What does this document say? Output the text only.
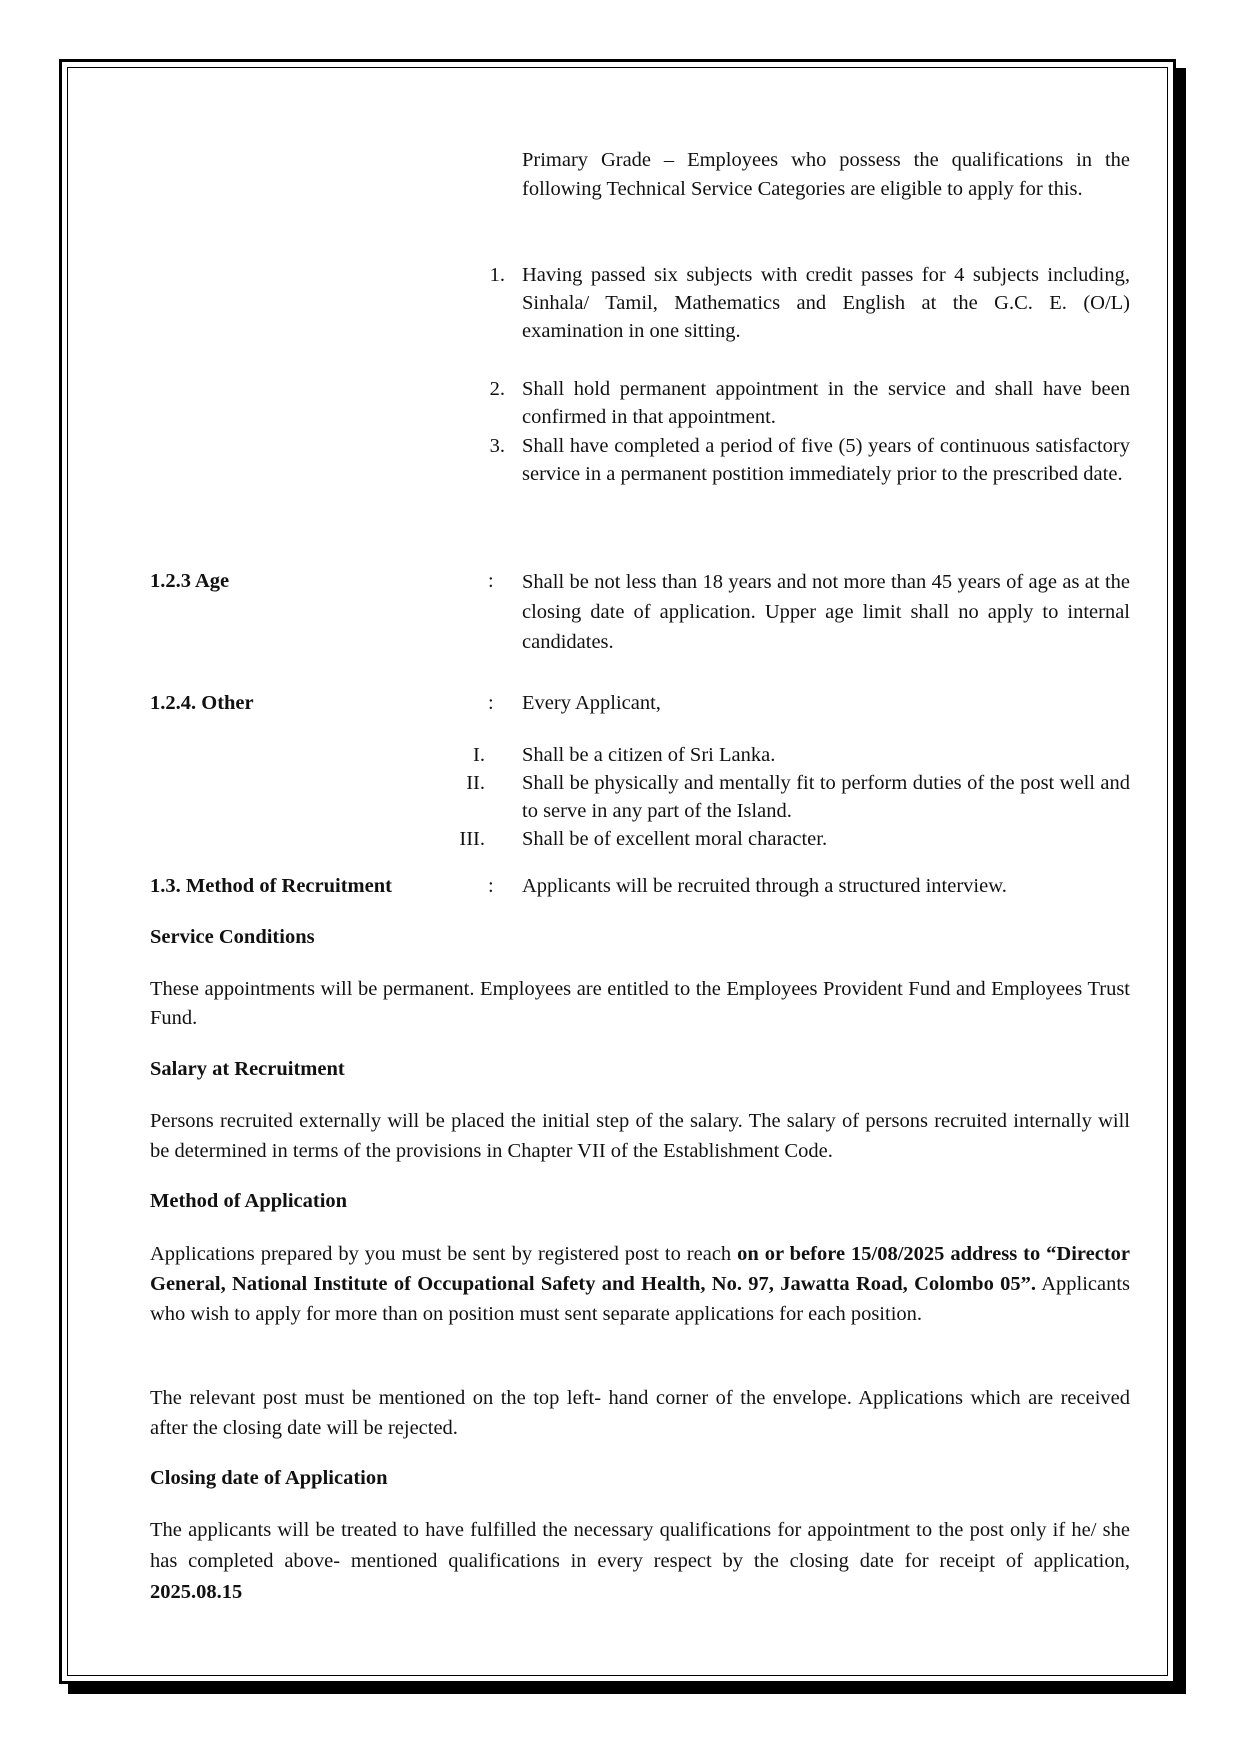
Primary Grade – Employees who possess the qualifications in the following Technical Service Categories are eligible to apply for this.
1. Having passed six subjects with credit passes for 4 subjects including, Sinhala/ Tamil, Mathematics and English at the G.C. E. (O/L) examination in one sitting.
2. Shall hold permanent appointment in the service and shall have been confirmed in that appointment.
3. Shall have completed a period of five (5) years of continuous satisfactory service in a permanent postition immediately prior to the prescribed date.
1.2.3 Age	: Shall be not less than 18 years and not more than 45 years of age as at the closing date of application. Upper age limit shall no apply to internal candidates.
1.2.4. Other	: Every Applicant,
I. Shall be a citizen of Sri Lanka.
II. Shall be physically and mentally fit to perform duties of the post well and to serve in any part of the Island.
III. Shall be of excellent moral character.
1.3. Method of Recruitment	: Applicants will be recruited through a structured interview.
Service Conditions
These appointments will be permanent. Employees are entitled to the Employees Provident Fund and Employees Trust Fund.
Salary at Recruitment
Persons recruited externally will be placed the initial step of the salary. The salary of persons recruited internally will be determined in terms of the provisions in Chapter VII of the Establishment Code.
Method of Application
Applications prepared by you must be sent by registered post to reach on or before 15/08/2025 address to “Director General, National Institute of Occupational Safety and Health, No. 97, Jawatta Road, Colombo 05”. Applicants who wish to apply for more than on position must sent separate applications for each position.
The relevant post must be mentioned on the top left- hand corner of the envelope. Applications which are received after the closing date will be rejected.
Closing date of Application
The applicants will be treated to have fulfilled the necessary qualifications for appointment to the post only if he/ she has completed above- mentioned qualifications in every respect by the closing date for receipt of application, 2025.08.15
